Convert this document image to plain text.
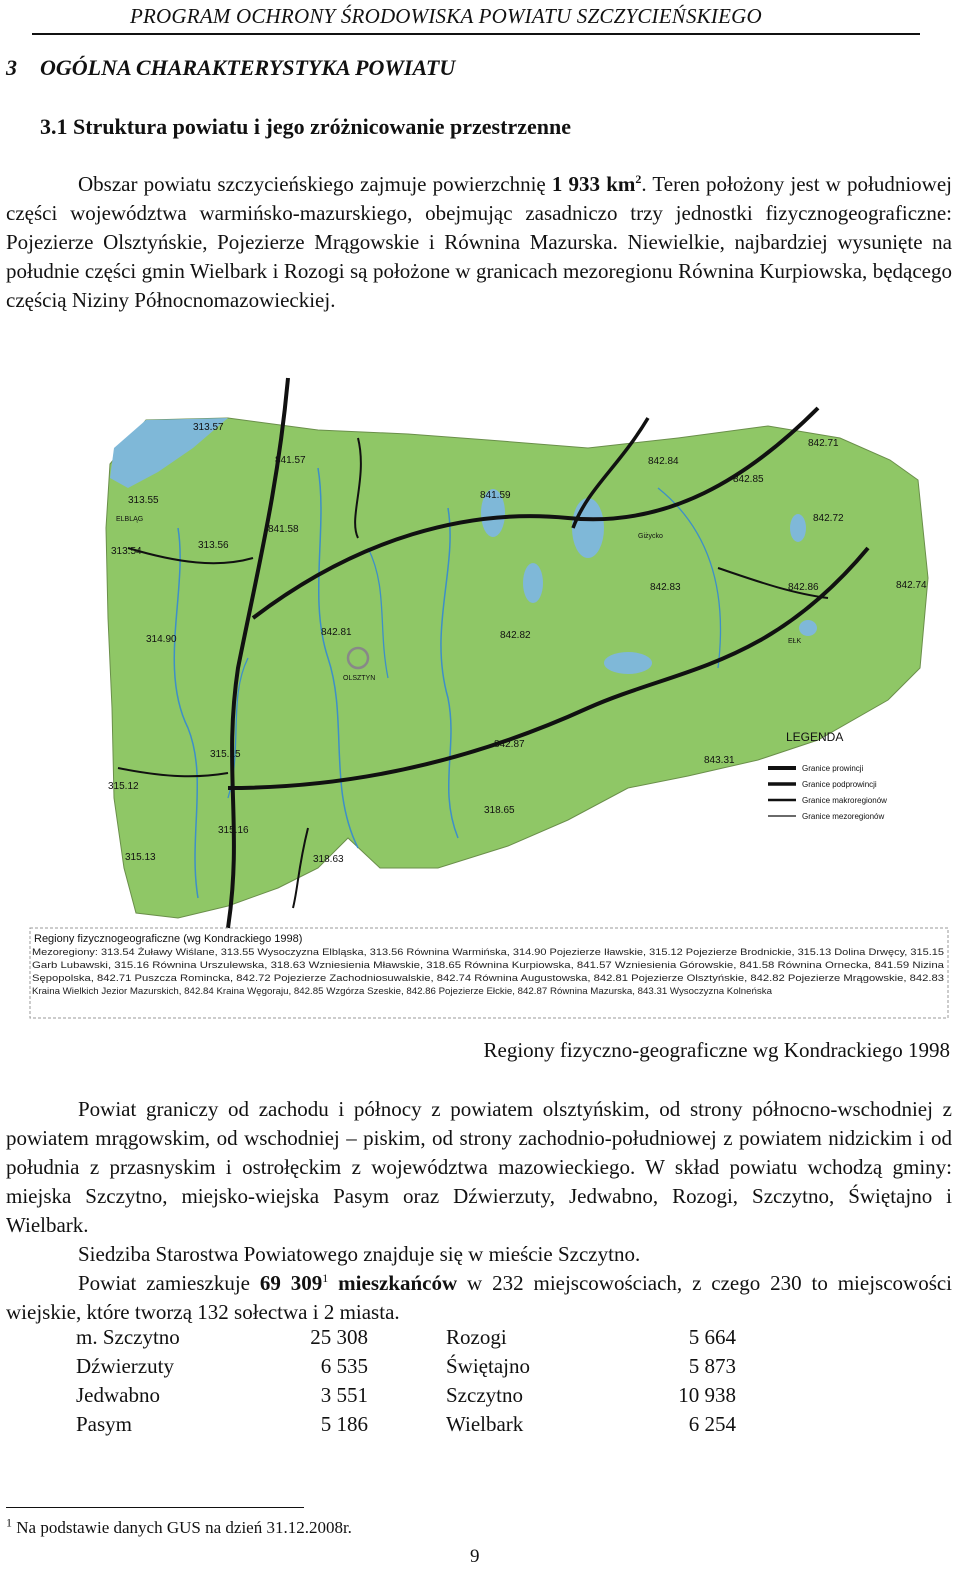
PROGRAM OCHRONY ŚRODOWISKA POWIATU SZCZYCIEŃSKIEGO
3 OGÓLNA CHARAKTERYSTYKA POWIATU
3.1 Struktura powiatu i jego zróżnicowanie przestrzenne

Obszar powiatu szczycieńskiego zajmuje powierzchnię 1 933 $km^2$. Teren położony jest w południowej części województwa warmińsko-mazurskiego, obejmując zasadniczo trzy jednostki fizycznogeograficzne: Pojezierze Olsztyńskie, Pojezierze Mrągowskie i Równina Mazurska. Niewielkie, najbardziej wysunięte na południe części gmin Wielbark i Rozogi są położone w granicach mezoregionu Równina Kurpiowska, będącego częścią Niziny Północnomazowieckiej.

ELBLĄG
OLSZTYN
Giżycko
EŁK
313.57
841.57
313.55
841.58
313.56
313.54
841.59
842.84
842.71
842.85
842.72
842.83	842.86	842.74
314.90
842.81	842.82
315.15
842.87
843.31
315.12
318.65
315.16
315.13	318.63
LEGENDA
Granice prowincji
Granice podprowincji
Granice makroregionów
Granice mezoregionów
Regiony fizycznogeograficzne (wg Kondrackiego 1998)
Mezoregiony: 313.54 Żuławy Wiślane, 313.55 Wysoczyzna Elbląska, 313.56 Równina Warmińska, 314.90 Pojezierze Iławskie, 315.12 Pojezierze Brodnickie, 315.13 Dolina Drwęcy, 315.15
Garb Lubawski, 315.16 Równina Urszulewska, 318.63 Wzniesienia Mławskie, 318.65 Równina Kurpiowska, 841.57 Wzniesienia Górowskie, 841.58 Równina Ornecka, 841.59 Nizina
Sępopolska, 842.71 Puszcza Romincka, 842.72 Pojezierze Zachodniosuwalskie, 842.74 Równina Augustowska, 842.81 Pojezierze Olsztyńskie, 842.82 Pojezierze Mrągowskie, 842.83
Kraina Wielkich Jezior Mazurskich, 842.84 Kraina Węgoraju, 842.85 Wzgórza Szeskie, 842.86 Pojezierze Ełckie, 842.87 Równina Mazurska, 843.31 Wysoczyzna Kolneńska
Regiony fizyczno-geograficzne wg Kondrackiego 1998

Powiat graniczy od zachodu i północy z powiatem olsztyńskim, od strony północno-wschodniej z powiatem mrągowskim, od wschodniej – piskim, od strony zachodnio-południowej z powiatem nidzickim i od południa z przasnyskim i ostrołęckim z województwa mazowieckiego. W skład powiatu wchodzą gminy: miejska Szczytno, miejsko-wiejska Pasym oraz Dźwierzuty, Jedwabno, Rozogi, Szczytno, Świętajno i Wielbark.

Siedziba Starostwa Powiatowego znajduje się w mieście Szczytno.

Powiat zamieszkuje 69 $309^1$ mieszkańców w 232 miejscowościach, z czego 230 to miejscowości wiejskie, które tworzą 132 sołectwa i 2 miasta.

m. Szczytno	25 308	Rozogi	5 664
Dźwierzuty	6 535	Świętajno	5 873
Jedwabno	3 551	Szczytno	10 938
Pasym	5 186	Wielbark	6 254
$^1$ Na podstawie danych GUS na dzień 31.12.2008r.
9
